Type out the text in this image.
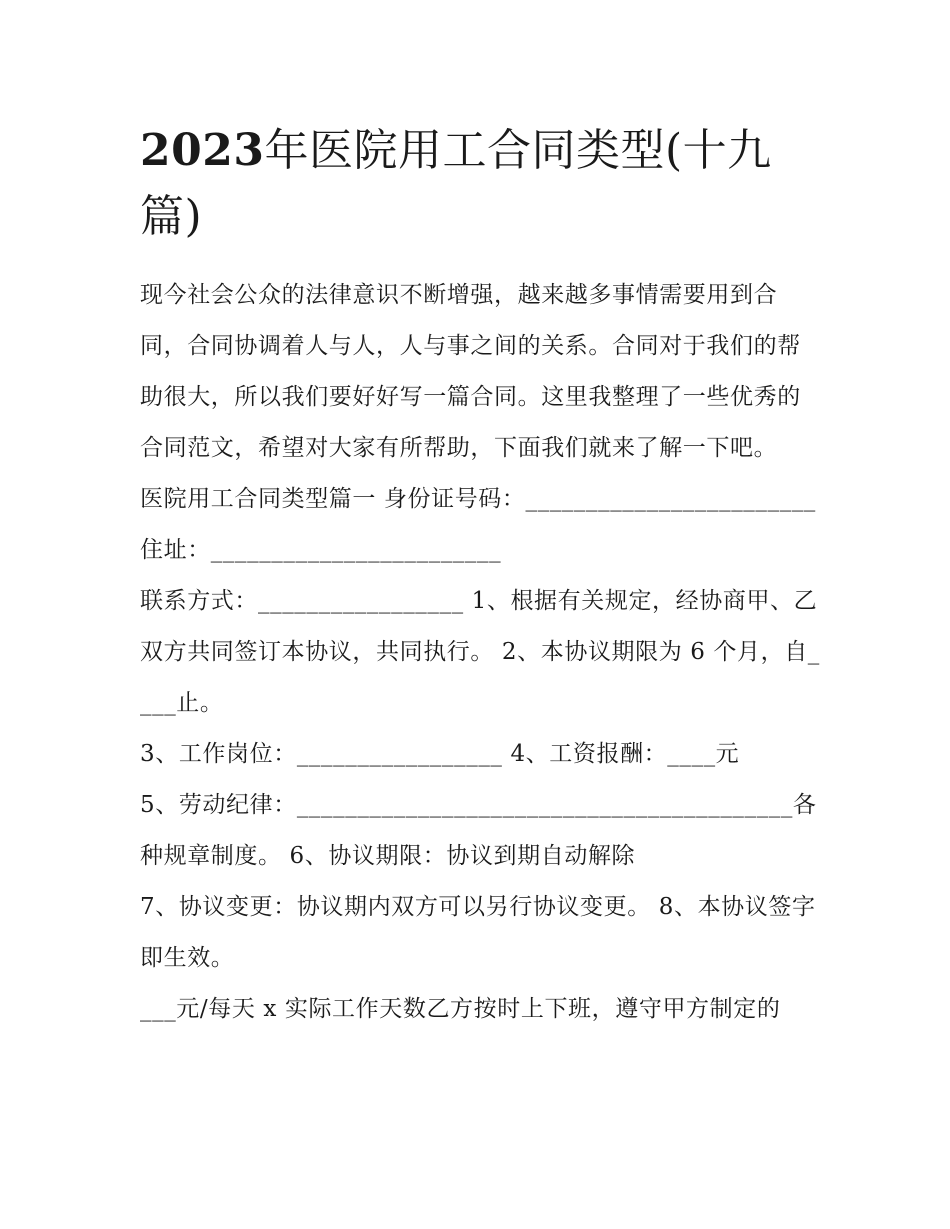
2023年医院用工合同类型(十九篇)

现今社会公众的法律意识不断增强，越来越多事情需要用到合同，合同协调着人与人，人与事之间的关系。合同对于我们的帮助很大，所以我们要好好写一篇合同。这里我整理了一些优秀的合同范文，希望对大家有所帮助，下面我们就来了解一下吧。

医院用工合同类型篇一 身份证号码：________________________

住址：________________________

联系方式：_________________ 1、根据有关规定，经协商甲、乙双方共同签订本协议，共同执行。 2、本协议期限为 6 个月，自____止。

3、工作岗位：_________________ 4、工资报酬：____元

5、劳动纪律：_________________________________________各种规章制度。 6、协议期限：协议到期自动解除

7、协议变更：协议期内双方可以另行协议变更。 8、本协议签字即生效。

___元/每天 x 实际工作天数乙方按时上下班，遵守甲方制定的
